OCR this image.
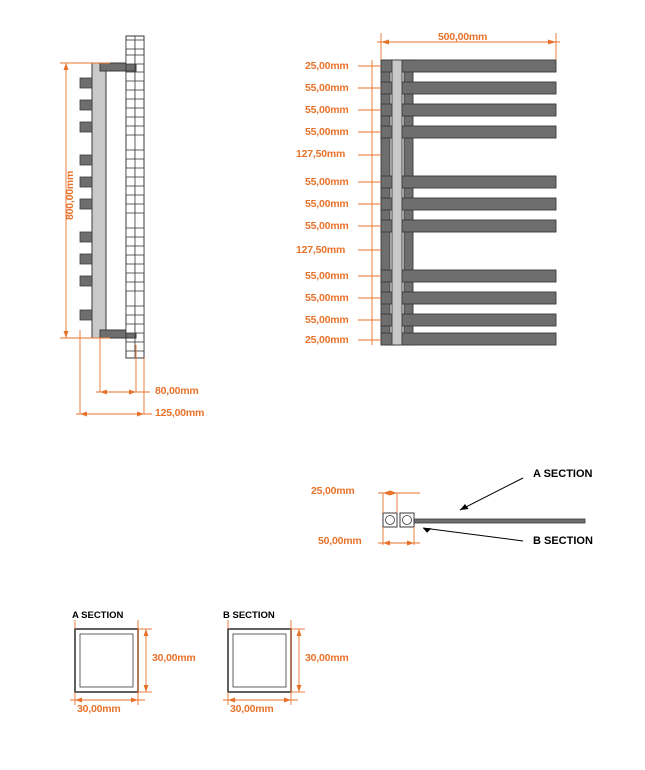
800,00mm
80,00mm
125,00mm
500,00mm
25,00mm
55,00mm
55,00mm
55,00mm
127,50mm
55,00mm
55,00mm
55,00mm
127,50mm
55,00mm
55,00mm
55,00mm
25,00mm
25,00mm
50,00mm
A SECTION
B SECTION
A SECTION
30,00mm
30,00mm
B SECTION
30,00mm
30,00mm
